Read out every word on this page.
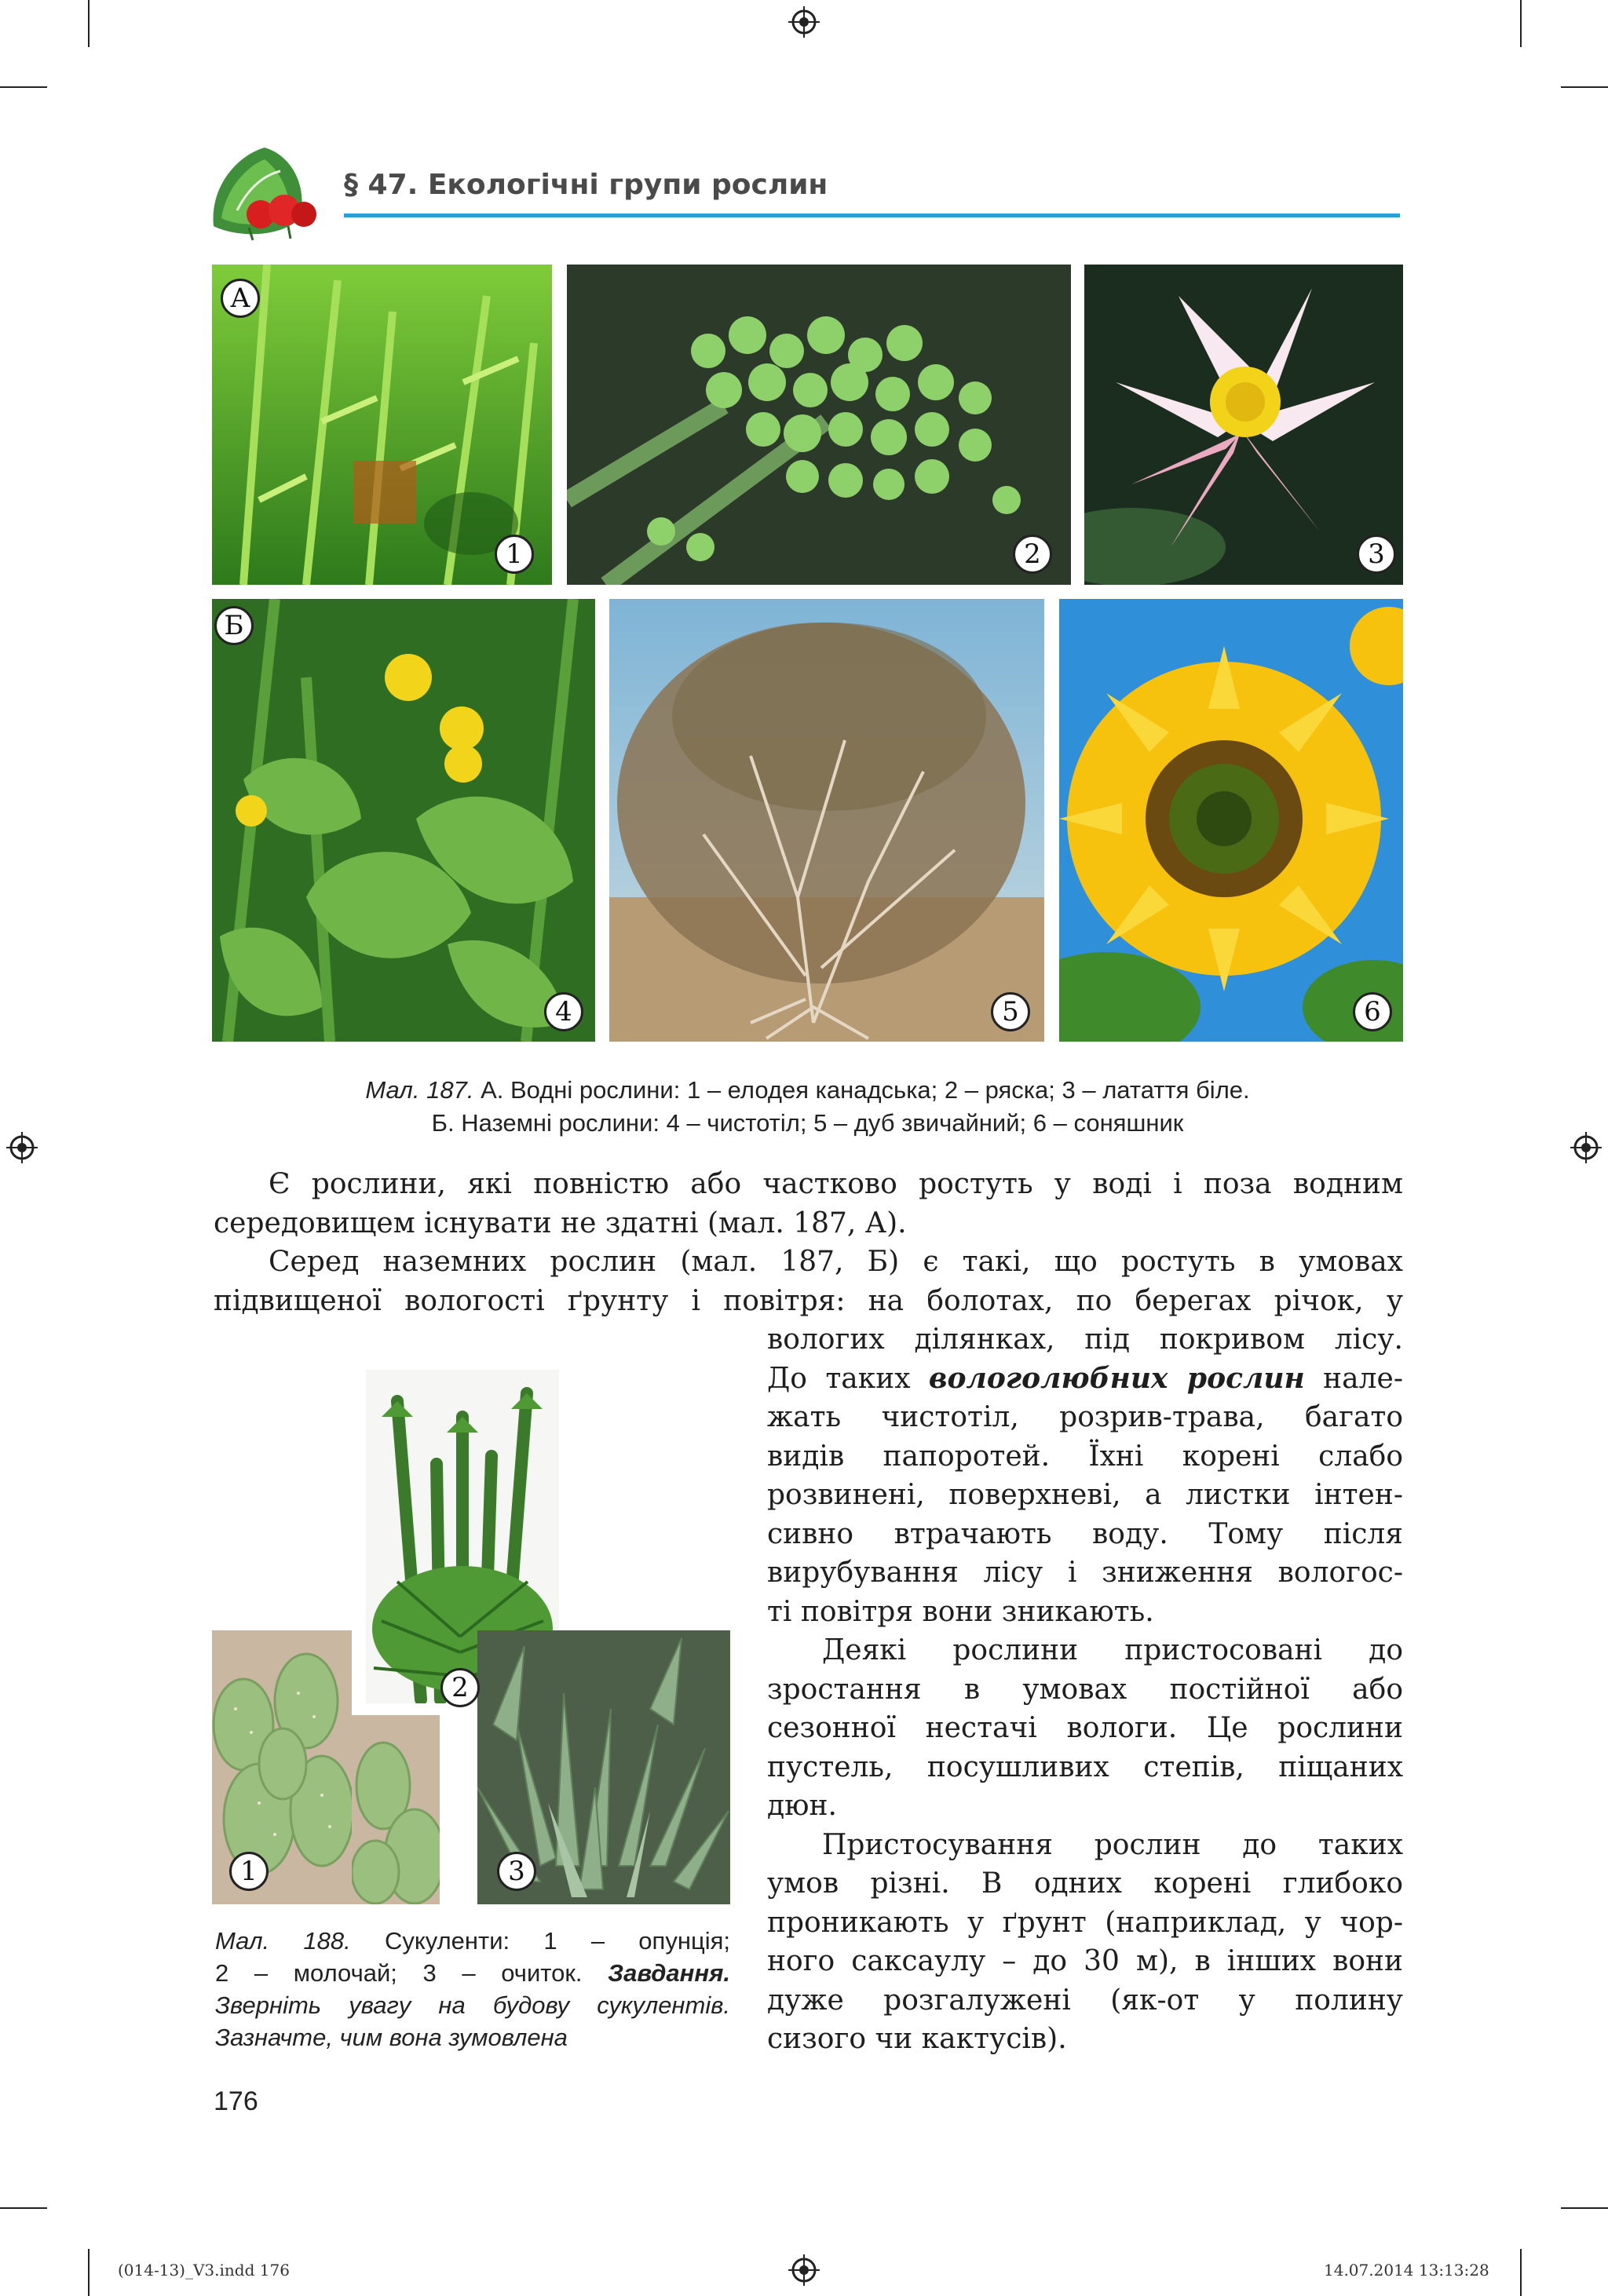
§ 47. Екологічні групи рослин
А
1	2	3
Б
4	5	6
Мал. 187. А. Водні рослини: 1 – елодея канадська; 2 – ряска; 3 – латаття біле.
Б. Наземні рослини: 4 – чистотіл; 5 – дуб звичайний; 6 – соняшник
Є рослини, які повністю або частково ростуть у воді і поза водним
середовищем існувати не здатні (мал. 187, А).
Серед наземних рослин (мал. 187, Б) є такі, що ростуть в умовах
підвищеної вологості ґрунту і повітря: на болотах, по берегах річок, у
вологих ділянках, під покривом лісу.
До таких вологолюбних рослин нале-
жать чистотіл, розрив-трава, багато
видів папоротей. Їхні корені слабо
розвинені, поверхневі, а листки інтен-
сивно втрачають воду. Тому після
вирубування лісу і зниження вологос-
ті повітря вони зникають.
Деякі рослини пристосовані до
зростання в умовах постійної або
сезонної нестачі вологи. Це рослини
пустель, посушливих степів, піщаних
дюн.
Пристосування рослин до таких
умов різні. В одних корені глибоко
проникають у ґрунт (наприклад, у чор-
ного саксаулу – до 30 м), в інших вони
дуже розгалужені (як-от у полину
сизого чи кактусів).
2
1	3
Мал. 188. Сукуленти: 1 – опунція;
2 – молочай; 3 – очиток. Завдання.
Зверніть увагу на будову сукулентів.
Зазначте, чим вона зумовлена
176
(014-13)_V3.indd 176	14.07.2014 13:13:28
